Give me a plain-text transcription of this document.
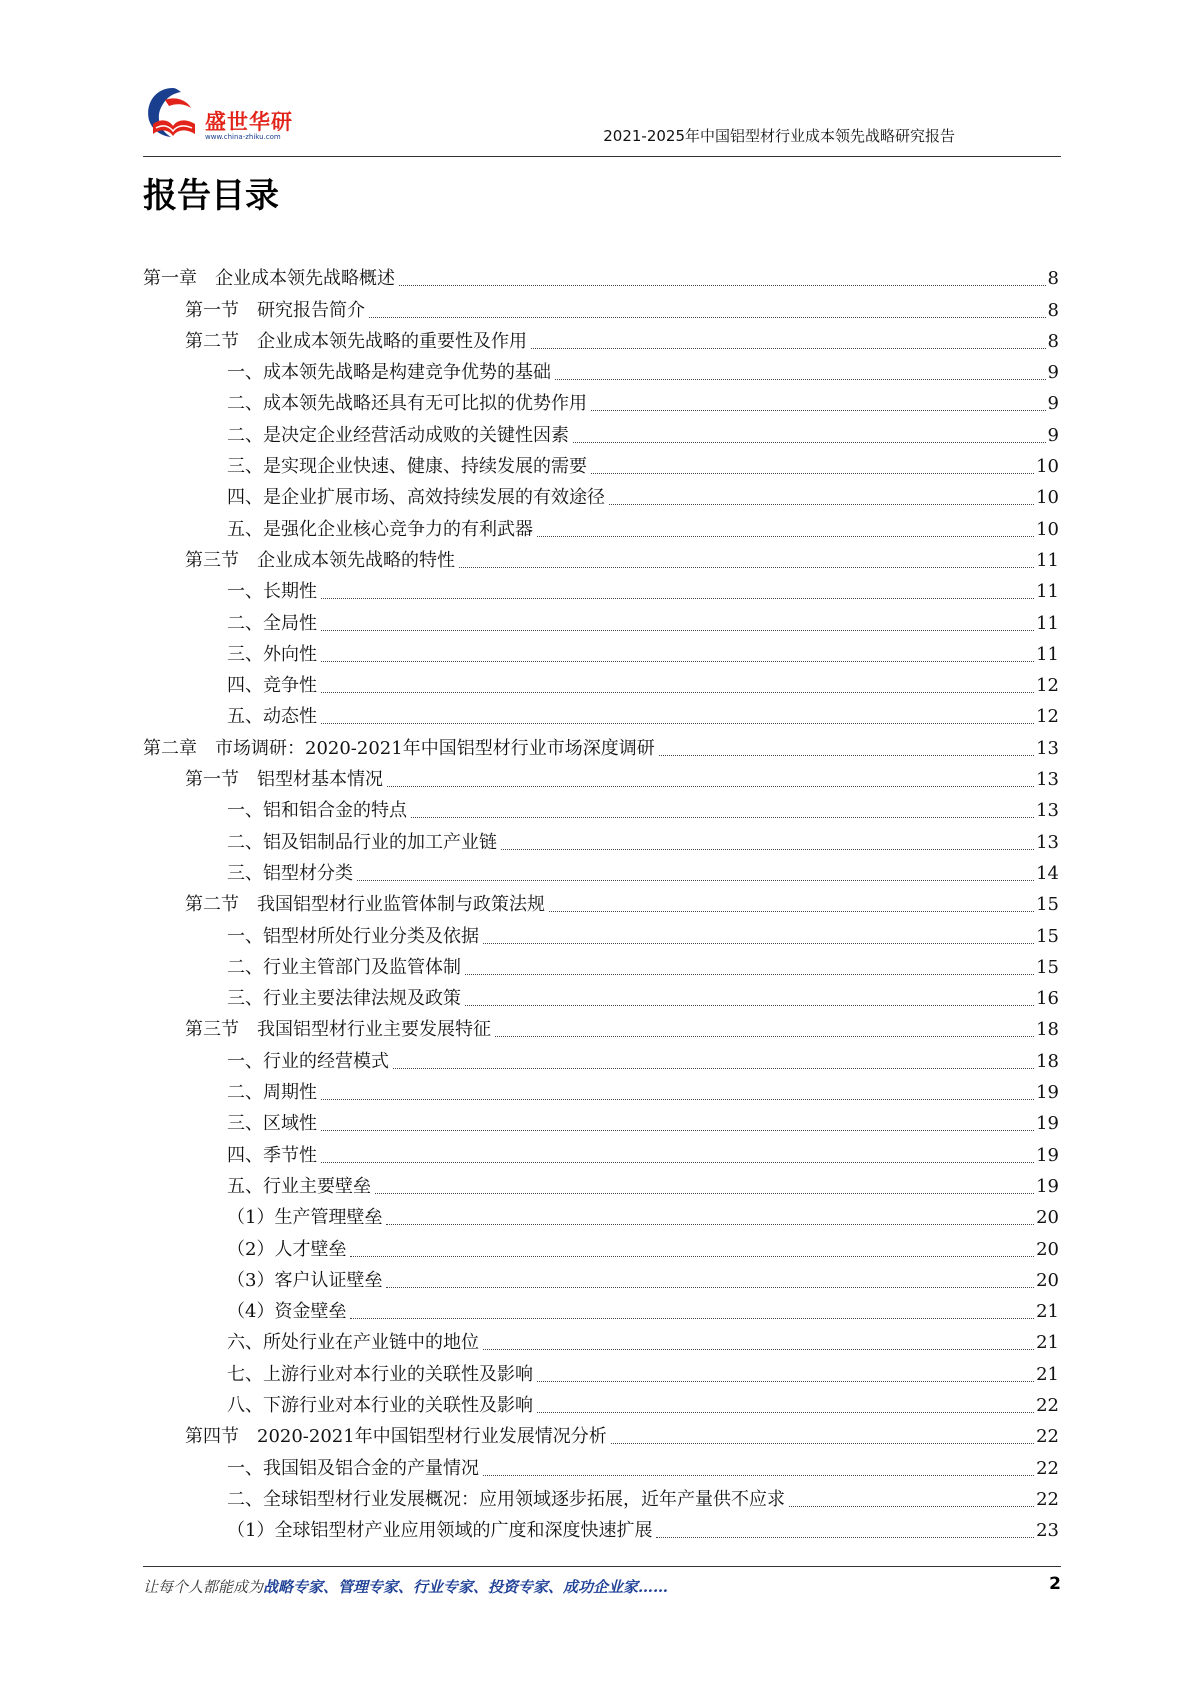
盛世华研
www.china-zhiku.com	2021-2025年中国铝型材行业成本领先战略研究报告
报告目录
第一章　企业成本领先战略概述	8
第一节　研究报告简介	8
第二节　企业成本领先战略的重要性及作用	8
一、成本领先战略是构建竞争优势的基础	9
二、成本领先战略还具有无可比拟的优势作用	9
二、是决定企业经营活动成败的关键性因素	9
三、是实现企业快速、健康、持续发展的需要	10
四、是企业扩展市场、高效持续发展的有效途径	10
五、是强化企业核心竞争力的有利武器	10
第三节　企业成本领先战略的特性	11
一、长期性	11
二、全局性	11
三、外向性	11
四、竞争性	12
五、动态性	12
第二章　市场调研：2020-2021年中国铝型材行业市场深度调研	13
第一节　铝型材基本情况	13
一、铝和铝合金的特点	13
二、铝及铝制品行业的加工产业链	13
三、铝型材分类	14
第二节　我国铝型材行业监管体制与政策法规	15
一、铝型材所处行业分类及依据	15
二、行业主管部门及监管体制	15
三、行业主要法律法规及政策	16
第三节　我国铝型材行业主要发展特征	18
一、行业的经营模式	18
二、周期性	19
三、区域性	19
四、季节性	19
五、行业主要壁垒	19
（1）生产管理壁垒	20
（2）人才壁垒	20
（3）客户认证壁垒	20
（4）资金壁垒	21
六、所处行业在产业链中的地位	21
七、上游行业对本行业的关联性及影响	21
八、下游行业对本行业的关联性及影响	22
第四节　2020-2021年中国铝型材行业发展情况分析	22
一、我国铝及铝合金的产量情况	22
二、全球铝型材行业发展概况：应用领域逐步拓展，近年产量供不应求	22
（1）全球铝型材产业应用领域的广度和深度快速扩展	23
让每个人都能成为战略专家、管理专家、行业专家、投资专家、成功企业家……	2
